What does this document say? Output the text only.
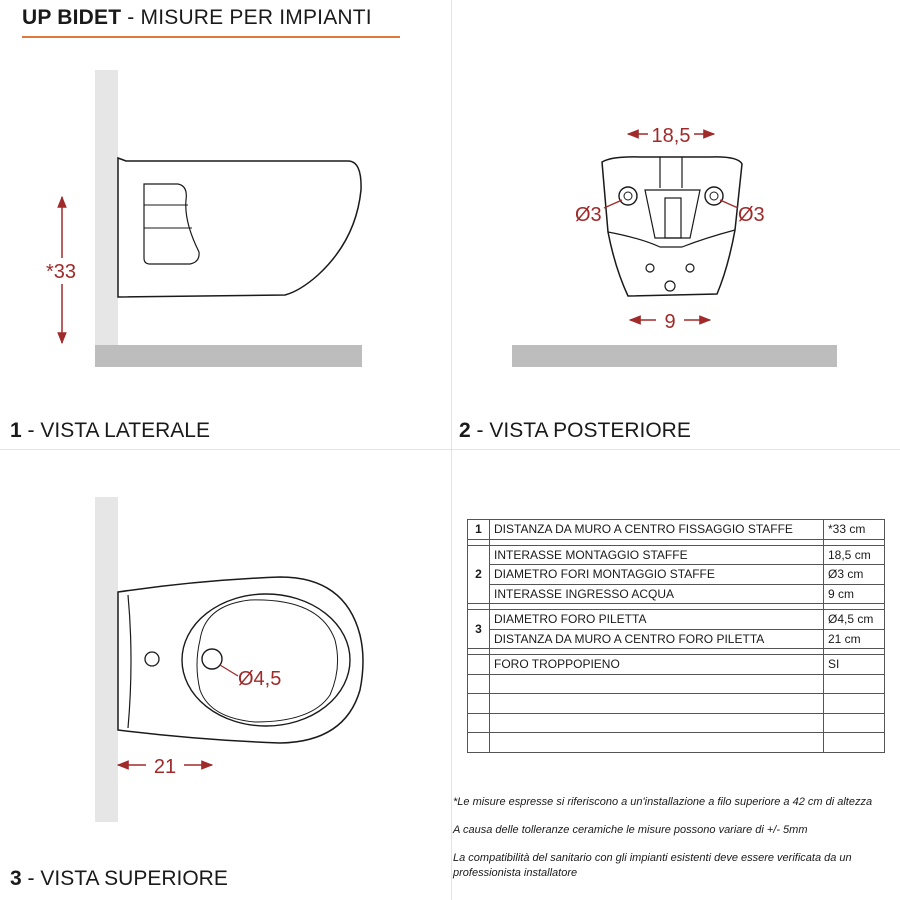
UP BIDET - MISURE PER IMPIANTI
*33
18,5
9
Ø3	Ø3
Ø4,5
21
1 - VISTA LATERALE	2 - VISTA POSTERIORE
3 - VISTA SUPERIORE
1	DISTANZA DA MURO A CENTRO FISSAGGIO STAFFE	*33 cm

2	INTERASSE MONTAGGIO STAFFE	18,5 cm
	DIAMETRO FORI MONTAGGIO STAFFE	Ø3 cm
	INTERASSE INGRESSO ACQUA	9 cm

3	DIAMETRO FORO PILETTA	Ø4,5 cm
	DISTANZA DA MURO A CENTRO FORO PILETTA	21 cm

	FORO TROPPOPIENO	SI

*Le misure espresse si riferiscono a un'installazione a filo superiore a 42 cm di altezza

A causa delle tolleranze ceramiche le misure possono variare di +/- 5mm

La compatibilità del sanitario con gli impianti esistenti deve essere verificata da un professionista installatore
